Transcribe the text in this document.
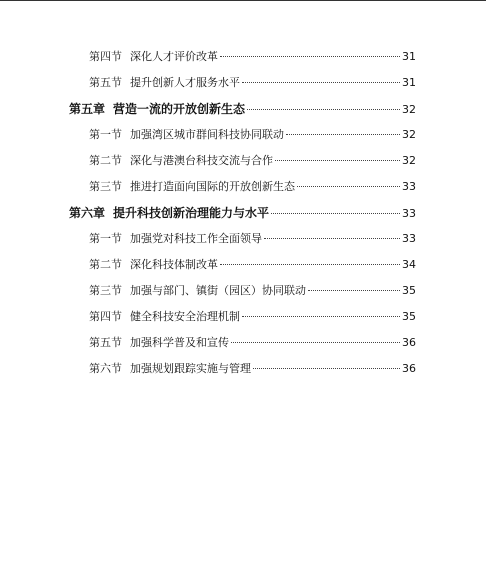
第四节 深化人才评价改革	31
第五节 提升创新人才服务水平	31
第五章 营造一流的开放创新生态	32
第一节 加强湾区城市群间科技协同联动	32
第二节 深化与港澳台科技交流与合作	32
第三节 推进打造面向国际的开放创新生态	33
第六章 提升科技创新治理能力与水平	33
第一节 加强党对科技工作全面领导	33
第二节 深化科技体制改革	34
第三节 加强与部门、镇街（园区）协同联动	35
第四节 健全科技安全治理机制	35
第五节 加强科学普及和宣传	36
第六节 加强规划跟踪实施与管理	36
